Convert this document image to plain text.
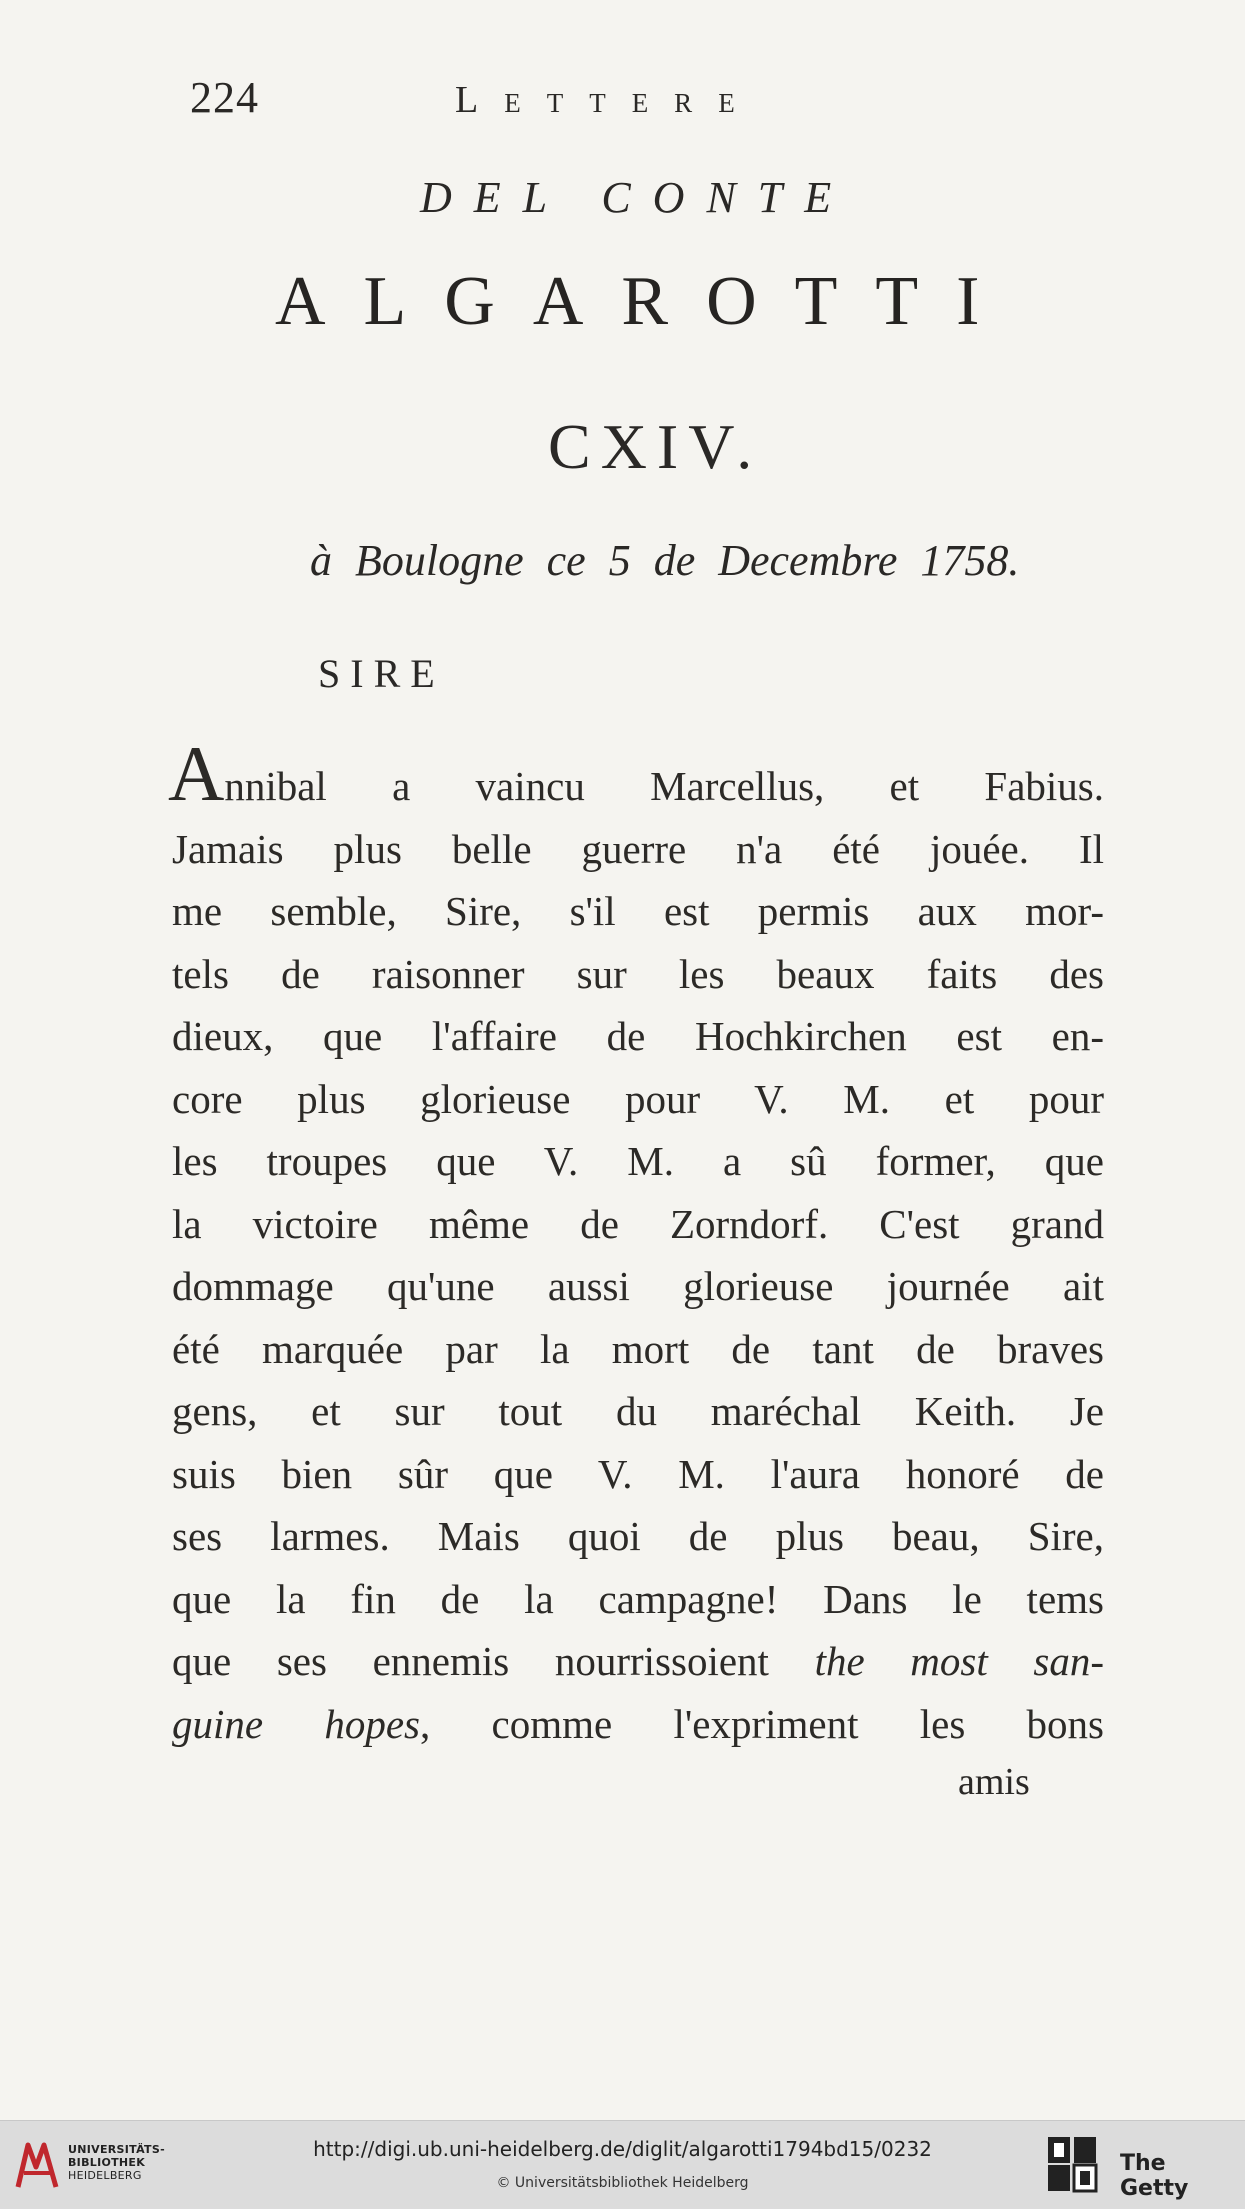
224	Lettere
DEL CONTE
ALGAROTTI
CXIV.
à Boulogne ce 5 de Decembre 1758.
SIRE
Annibal a vaincu Marcellus, et Fabius.
Jamais plus belle guerre n'a été jouée. Il
me semble, Sire, s'il est permis aux mor-
tels de raisonner sur les beaux faits des
dieux, que l'affaire de Hochkirchen est en-
core plus glorieuse pour V. M. et pour
les troupes que V. M. a sû former, que
la victoire même de Zorndorf. C'est grand
dommage qu'une aussi glorieuse journée ait
été marquée par la mort de tant de braves
gens, et sur tout du maréchal Keith. Je
suis bien sûr que V. M. l'aura honoré de
ses larmes. Mais quoi de plus beau, Sire,
que la fin de la campagne! Dans le tems
que ses ennemis nourrissoient the most san-
guine hopes, comme l'expriment les bons
amis
UNIVERSITÄTS-
BIBLIOTHEK
HEIDELBERG
http://digi.ub.uni-heidelberg.de/diglit/algarotti1794bd15/0232
© Universitätsbibliothek Heidelberg
The Getty
